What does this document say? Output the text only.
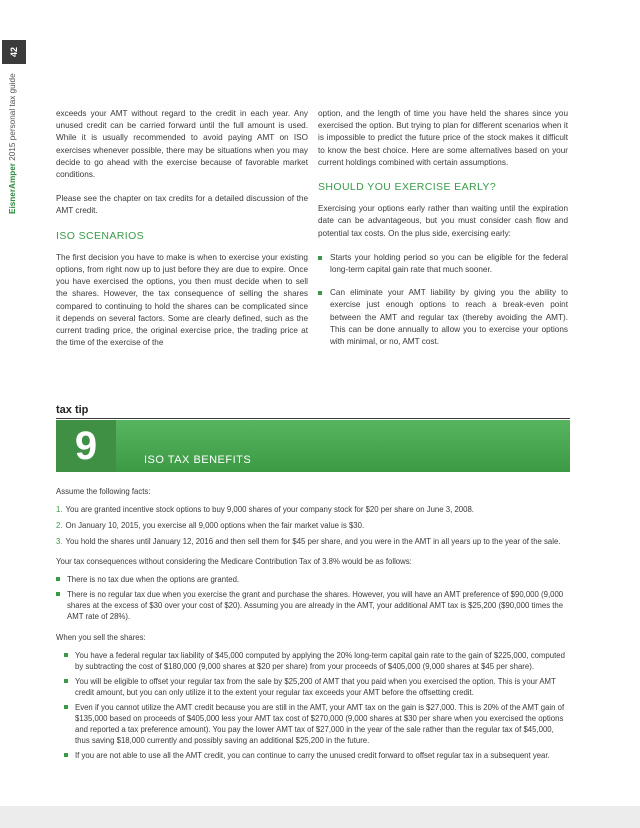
42
EisnerAmper 2015 personal tax guide	exceeds your AMT without regard to the credit in each year. Any unused credit can be carried forward until the full amount is used. While it is usually recommended to avoid paying AMT on ISO exercises whenever possible, there may be situations when you may decide to go ahead with the exercise because of favorable market conditions.

Please see the chapter on tax credits for a detailed discussion of the AMT credit.

ISO SCENARIOS

The first decision you have to make is when to exercise your existing options, from right now up to just before they are due to expire. Once you have exercised the options, you then must decide when to sell the shares. However, the tax consequence of selling the shares compared to continuing to hold the shares can be complicated since it depends on several factors. Some are clearly defined, such as the current trading price, the original exercise price, the trading price at the time of the exercise of the

option, and the length of time you have held the shares since you exercised the option. But trying to plan for different scenarios when it is impossible to predict the future price of the stock makes it difficult to know the best choice. Here are some alternatives based on your current holdings combined with certain assumptions.

SHOULD YOU EXERCISE EARLY?

Exercising your options early rather than waiting until the expiration date can be advantageous, but you must consider cash flow and potential tax costs. On the plus side, exercising early:

Starts your holding period so you can be eligible for the federal long-term capital gain rate that much sooner.
Can eliminate your AMT liability by giving you the ability to exercise just enough options to reach a break-even point between the AMT and regular tax (thereby avoiding the AMT). This can be done annually to allow you to exercise your options with minimal, or no, AMT cost.
tax tip
9	ISO TAX BENEFITS

Assume the following facts:

1. You are granted incentive stock options to buy 9,000 shares of your company stock for $20 per share on June 3, 2008.
2. On January 10, 2015, you exercise all 9,000 options when the fair market value is $30.
3. You hold the shares until January 12, 2016 and then sell them for $45 per share, and you were in the AMT in all years up to the year of the sale.

Your tax consequences without considering the Medicare Contribution Tax of 3.8% would be as follows:

There is no tax due when the options are granted.
There is no regular tax due when you exercise the grant and purchase the shares. However, you will have an AMT preference of $90,000 (9,000 shares at the excess of $30 over your cost of $20). Assuming you are already in the AMT, your additional AMT tax is $25,200 ($90,000 times the AMT rate of 28%).

When you sell the shares:

You have a federal regular tax liability of $45,000 computed by applying the 20% long-term capital gain rate to the gain of $225,000, computed by subtracting the cost of $180,000 (9,000 shares at $20 per share) from your proceeds of $405,000 (9,000 shares at $45 per share).
You will be eligible to offset your regular tax from the sale by $25,200 of AMT that you paid when you exercised the option. This is your AMT credit amount, but you can only utilize it to the extent your regular tax exceeds your AMT before the offsetting credit.
Even if you cannot utilize the AMT credit because you are still in the AMT, your AMT tax on the gain is $27,000. This is 20% of the AMT gain of $135,000 based on proceeds of $405,000 less your AMT tax cost of $270,000 (9,000 shares at $30 per share when you exercised the options and reported a tax preference amount). You pay the lower AMT tax of $27,000 in the year of the sale rather than the regular tax of $45,000, thus saving $18,000 currently and possibly saving an additional $25,200 in the future.
If you are not able to use all the AMT credit, you can continue to carry the unused credit forward to offset regular tax in a subsequent year.
